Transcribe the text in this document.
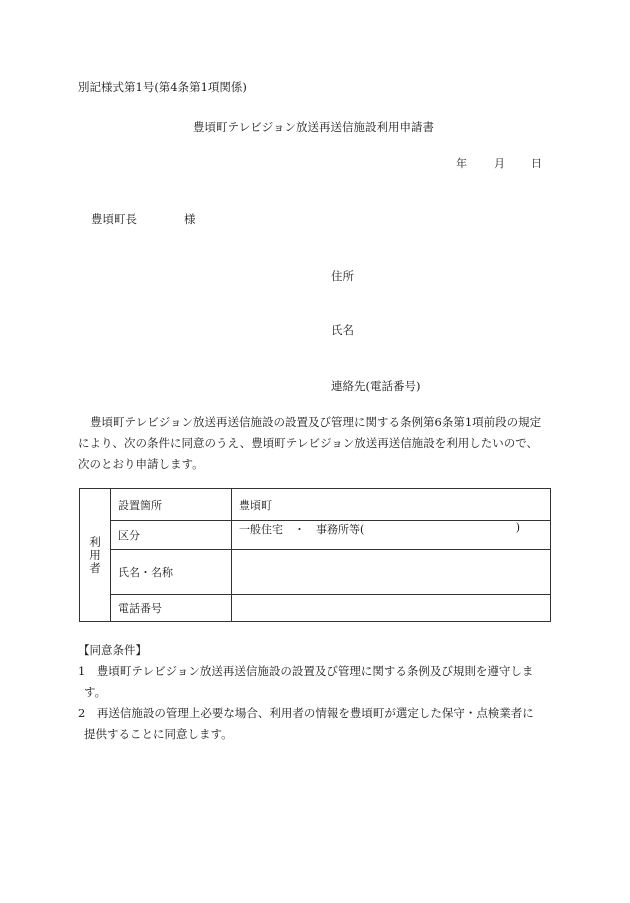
別記様式第1号(第4条第1項関係)
豊頃町テレビジョン放送再送信施設利用申請書
年 月 日
豊頃町長	様
住所
氏名
連絡先(電話番号)
豊頃町テレビジョン放送再送信施設の設置及び管理に関する条例第6条第1項前段の規定
により、次の条件に同意のうえ、豊頃町テレビジョン放送再送信施設を利用したいので、
次のとおり申請します。
利
用
者	設置箇所	豊頃町
	区分	一般住宅　・　事務所等( )

	氏名・名称	
	電話番号	
【同意条件】
1　豊頃町テレビジョン放送再送信施設の設置及び管理に関する条例及び規則を遵守しま
す。
2　再送信施設の管理上必要な場合、利用者の情報を豊頃町が選定した保守・点検業者に
提供することに同意します。
